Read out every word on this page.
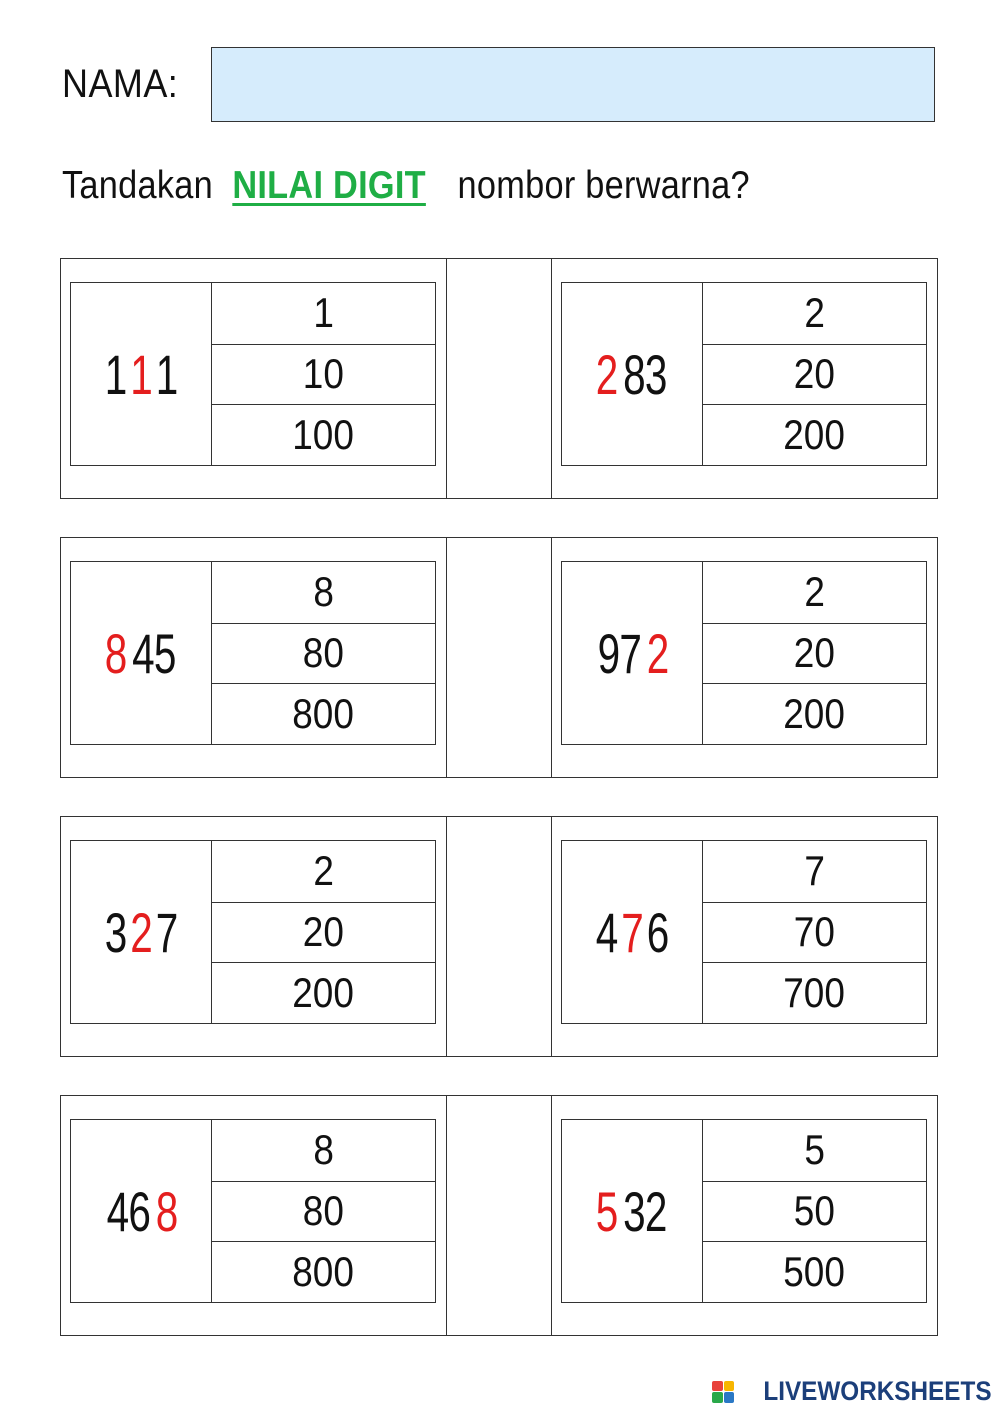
NAMA:
Tandakan NILAI DIGIT nombor berwarna?
111
1
10
100
2 83
2
20
200
8 45
8
80
800
97 2
2
20
200
327
2
20
200
476
7
70
700
46 8
8
80
800
5 32
5
50
500
LIVEWORKSHEETS
